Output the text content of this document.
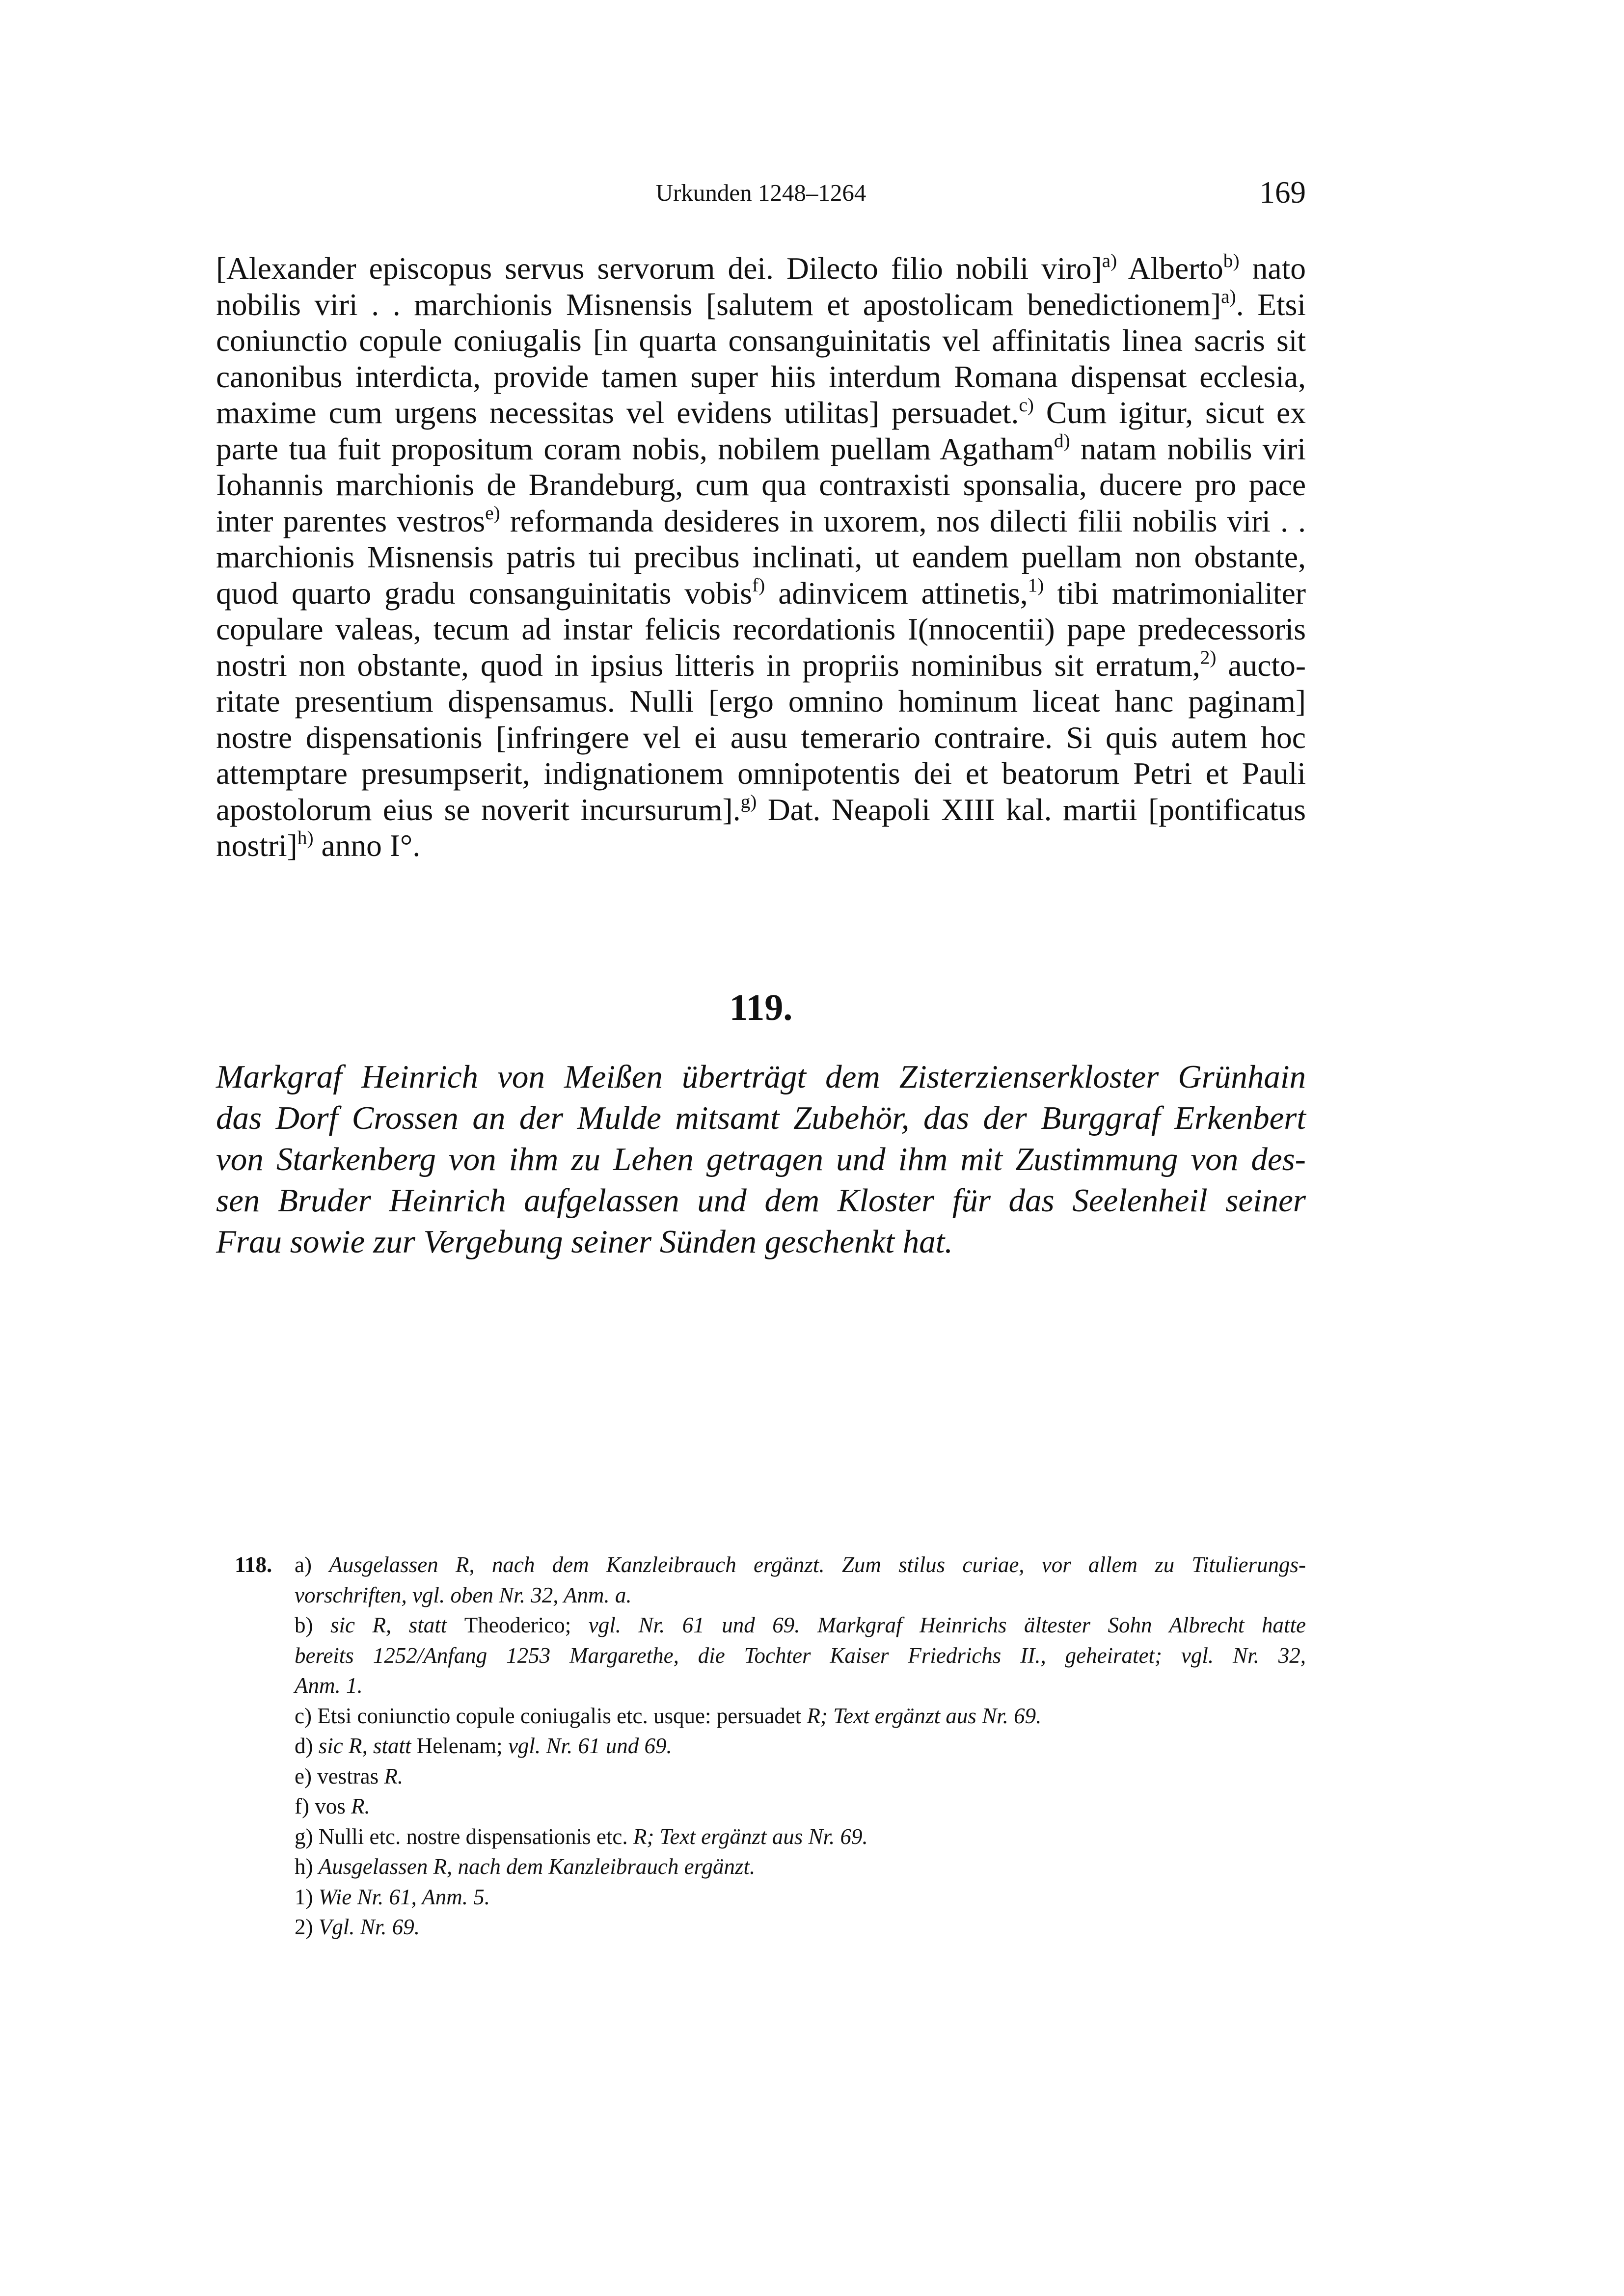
Urkunden 1248–1264	169
[Alexander episcopus servus servorum dei. Dilecto filio nobili viro]$^{a)}$ Alberto$^{b)}$ nato
nobilis viri . . marchionis Misnensis [salutem et apostolicam benedictionem]$^{a)}$. Etsi
coniunctio copule coniugalis [in quarta consanguinitatis vel affinitatis linea sacris sit
canonibus interdicta, provide tamen super hiis interdum Romana dispensat ecclesia,
maxime cum urgens necessitas vel evidens utilitas] persuadet.$^{c)}$ Cum igitur, sicut ex
parte tua fuit propositum coram nobis, nobilem puellam Agatham$^{d)}$ natam nobilis viri
Iohannis marchionis de Brandeburg, cum qua contraxisti sponsalia, ducere pro pace
inter parentes vestros$^{e)}$ reformanda desideres in uxorem, nos dilecti filii nobilis viri . .
marchionis Misnensis patris tui precibus inclinati, ut eandem puellam non obstante,
quod quarto gradu consanguinitatis vobis$^{f)}$ adinvicem attinetis,$^{1)}$ tibi matrimonialiter
copulare valeas, tecum ad instar felicis recordationis I(nnocentii) pape predecessoris
nostri non obstante, quod in ipsius litteris in propriis nominibus sit erratum,$^{2)}$ aucto-
ritate presentium dispensamus. Nulli [ergo omnino hominum liceat hanc paginam]
nostre dispensationis [infringere vel ei ausu temerario contraire. Si quis autem hoc
attemptare presumpserit, indignationem omnipotentis dei et beatorum Petri et Pauli
apostolorum eius se noverit incursurum].$^{g)}$ Dat. Neapoli XIII kal. martii [pontificatus
nostri]$^{h)}$ anno I°.
119.
Markgraf Heinrich von Meißen überträgt dem Zisterzienserkloster Grünhain
das Dorf Crossen an der Mulde mitsamt Zubehör, das der Burggraf Erkenbert
von Starkenberg von ihm zu Lehen getragen und ihm mit Zustimmung von des-
sen Bruder Heinrich aufgelassen und dem Kloster für das Seelenheil seiner
Frau sowie zur Vergebung seiner Sünden geschenkt hat.
118. a) Ausgelassen R, nach dem Kanzleibrauch ergänzt. Zum stilus curiae, vor allem zu Titulierungs-
vorschriften, vgl. oben Nr. 32, Anm. a.
b) sic R, statt Theoderico; vgl. Nr. 61 und 69. Markgraf Heinrichs ältester Sohn Albrecht hatte
bereits 1252/Anfang 1253 Margarethe, die Tochter Kaiser Friedrichs II., geheiratet; vgl. Nr. 32,
Anm. 1.
c) Etsi coniunctio copule coniugalis etc. usque: persuadet R; Text ergänzt aus Nr. 69.
d) sic R, statt Helenam; vgl. Nr. 61 und 69.
e) vestras R.
f) vos R.
g) Nulli etc. nostre dispensationis etc. R; Text ergänzt aus Nr. 69.
h) Ausgelassen R, nach dem Kanzleibrauch ergänzt.
1) Wie Nr. 61, Anm. 5.
2) Vgl. Nr. 69.
